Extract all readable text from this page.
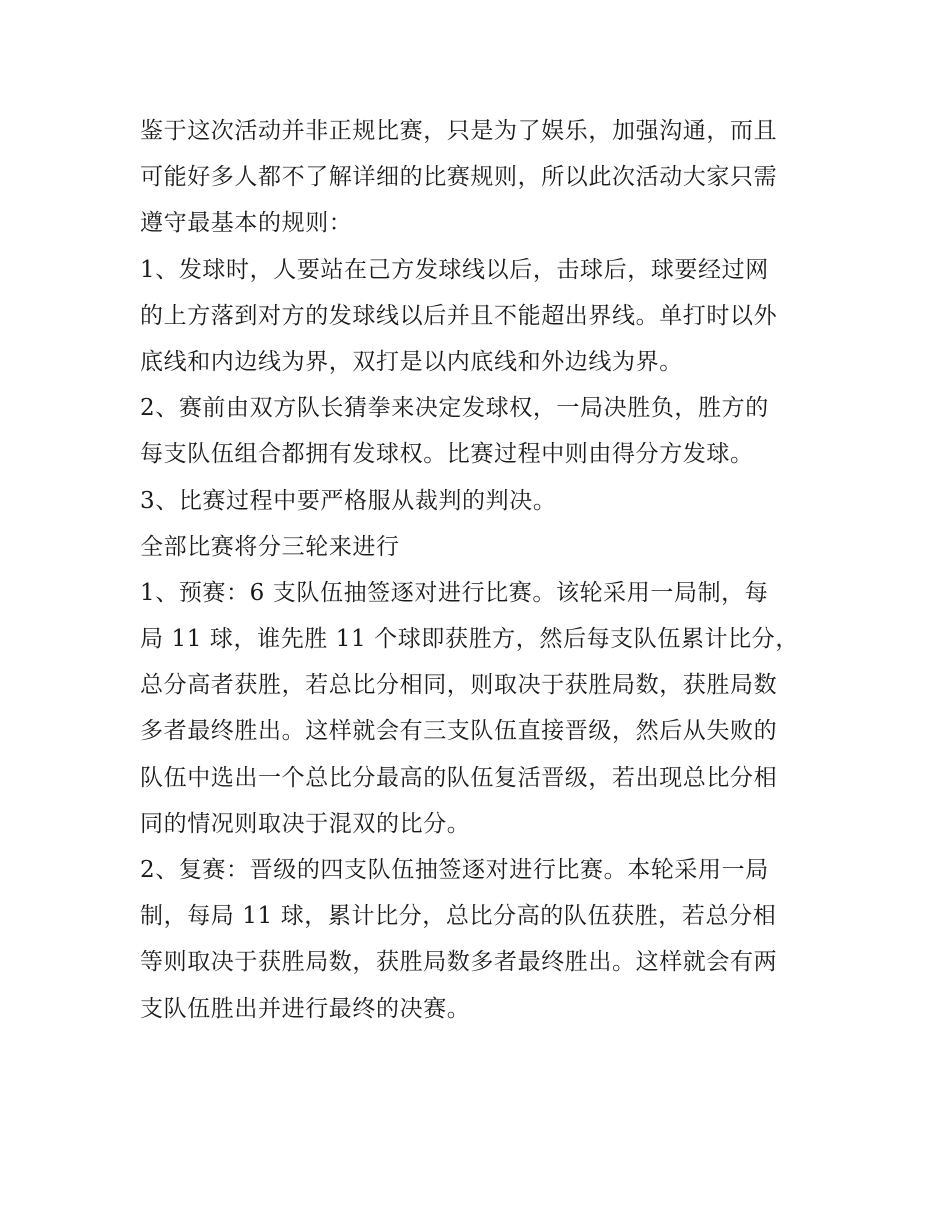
鉴于这次活动并非正规比赛，只是为了娱乐，加强沟通，而且
可能好多人都不了解详细的比赛规则，所以此次活动大家只需
遵守最基本的规则：
1、发球时，人要站在己方发球线以后，击球后，球要经过网
的上方落到对方的发球线以后并且不能超出界线。单打时以外
底线和内边线为界，双打是以内底线和外边线为界。
2、赛前由双方队长猜拳来决定发球权，一局决胜负，胜方的
每支队伍组合都拥有发球权。比赛过程中则由得分方发球。
3、比赛过程中要严格服从裁判的判决。
全部比赛将分三轮来进行
1、预赛：6 支队伍抽签逐对进行比赛。该轮采用一局制，每
局 11 球，谁先胜 11 个球即获胜方，然后每支队伍累计比分，
总分高者获胜，若总比分相同，则取决于获胜局数，获胜局数
多者最终胜出。这样就会有三支队伍直接晋级，然后从失败的
队伍中选出一个总比分最高的队伍复活晋级，若出现总比分相
同的情况则取决于混双的比分。
2、复赛：晋级的四支队伍抽签逐对进行比赛。本轮采用一局
制，每局 11 球，累计比分，总比分高的队伍获胜，若总分相
等则取决于获胜局数，获胜局数多者最终胜出。这样就会有两
支队伍胜出并进行最终的决赛。
